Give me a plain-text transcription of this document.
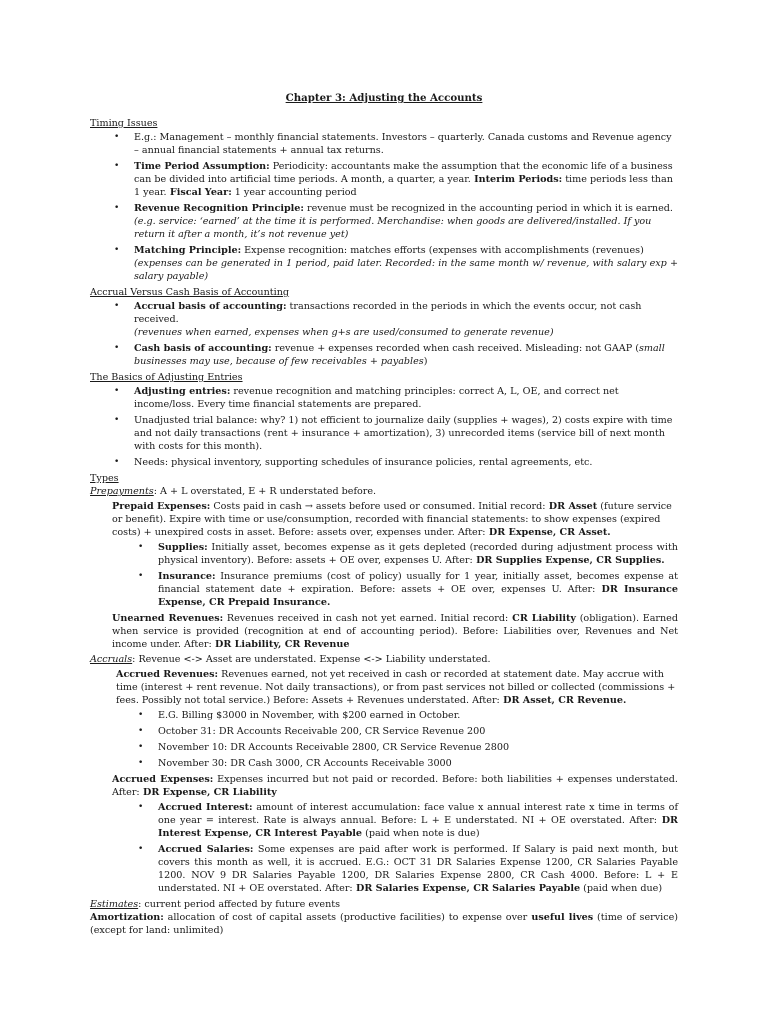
Chapter 3: Adjusting the Accounts
Timing Issues
• E.g.: Management – monthly financial statements. Investors – quarterly. Canada customs and Revenue agency – annual financial statements + annual tax returns.
• Time Period Assumption: Periodicity: accountants make the assumption that the economic life of a business can be divided into artificial time periods. A month, a quarter, a year. Interim Periods: time periods less than 1 year. Fiscal Year: 1 year accounting period
• Revenue Recognition Principle: revenue must be recognized in the accounting period in which it is earned.
(e.g. service: ‘earned’ at the time it is performed. Merchandise: when goods are delivered/installed. If you return it after a month, it’s not revenue yet)
• Matching Principle: Expense recognition: matches efforts (expenses with accomplishments (revenues)
(expenses can be generated in 1 period, paid later. Recorded: in the same month w/ revenue, with salary exp + salary payable)
Accrual Versus Cash Basis of Accounting
• Accrual basis of accounting: transactions recorded in the periods in which the events occur, not cash received.
(revenues when earned, expenses when g+s are used/consumed to generate revenue)
• Cash basis of accounting: revenue + expenses recorded when cash received. Misleading: not GAAP (small businesses may use, because of few receivables + payables)
The Basics of Adjusting Entries
• Adjusting entries: revenue recognition and matching principles: correct A, L, OE, and correct net income/loss. Every time financial statements are prepared.
• Unadjusted trial balance: why? 1) not efficient to journalize daily (supplies + wages), 2) costs expire with time and not daily transactions (rent + insurance + amortization), 3) unrecorded items (service bill of next month with costs for this month).
• Needs: physical inventory, supporting schedules of insurance policies, rental agreements, etc.
Types

Prepayments: A + L overstated, E + R understated before.

Prepaid Expenses: Costs paid in cash → assets before used or consumed. Initial record: DR Asset (future service or benefit). Expire with time or use/consumption, recorded with financial statements: to show expenses (expired costs) + unexpired costs in asset. Before: assets over, expenses under. After: DR Expense, CR Asset.

• Supplies: Initially asset, becomes expense as it gets depleted (recorded during adjustment process with physical inventory). Before: assets + OE over, expenses U. After: DR Supplies Expense, CR Supplies.
• Insurance: Insurance premiums (cost of policy) usually for 1 year, initially asset, becomes expense at financial statement date + expiration. Before: assets + OE over, expenses U. After: DR Insurance Expense, CR Prepaid Insurance.

Unearned Revenues: Revenues received in cash not yet earned. Initial record: CR Liability (obligation). Earned when service is provided (recognition at end of accounting period). Before: Liabilities over, Revenues and Net income under. After: DR Liability, CR Revenue

Accruals: Revenue <-> Asset are understated. Expense <-> Liability understated.

Accrued Revenues: Revenues earned, not yet received in cash or recorded at statement date. May accrue with time (interest + rent revenue. Not daily transactions), or from past services not billed or collected (commissions + fees. Possibly not total service.) Before: Assets + Revenues understated. After: DR Asset, CR Revenue.

• E.G. Billing $3000 in November, with $200 earned in October.
• October 31: DR Accounts Receivable 200, CR Service Revenue 200
• November 10: DR Accounts Receivable 2800, CR Service Revenue 2800
• November 30: DR Cash 3000, CR Accounts Receivable 3000

Accrued Expenses: Expenses incurred but not paid or recorded. Before: both liabilities + expenses understated. After: DR Expense, CR Liability

• Accrued Interest: amount of interest accumulation: face value x annual interest rate x time in terms of one year = interest. Rate is always annual. Before: L + E understated. NI + OE overstated. After: DR Interest Expense, CR Interest Payable (paid when note is due)
• Accrued Salaries: Some expenses are paid after work is performed. If Salary is paid next month, but covers this month as well, it is accrued. E.G.: OCT 31 DR Salaries Expense 1200, CR Salaries Payable 1200. NOV 9 DR Salaries Payable 1200, DR Salaries Expense 2800, CR Cash 4000. Before: L + E understated. NI + OE overstated. After: DR Salaries Expense, CR Salaries Payable (paid when due)

Estimates: current period affected by future events

Amortization: allocation of cost of capital assets (productive facilities) to expense over useful lives (time of service) (except for land: unlimited)
